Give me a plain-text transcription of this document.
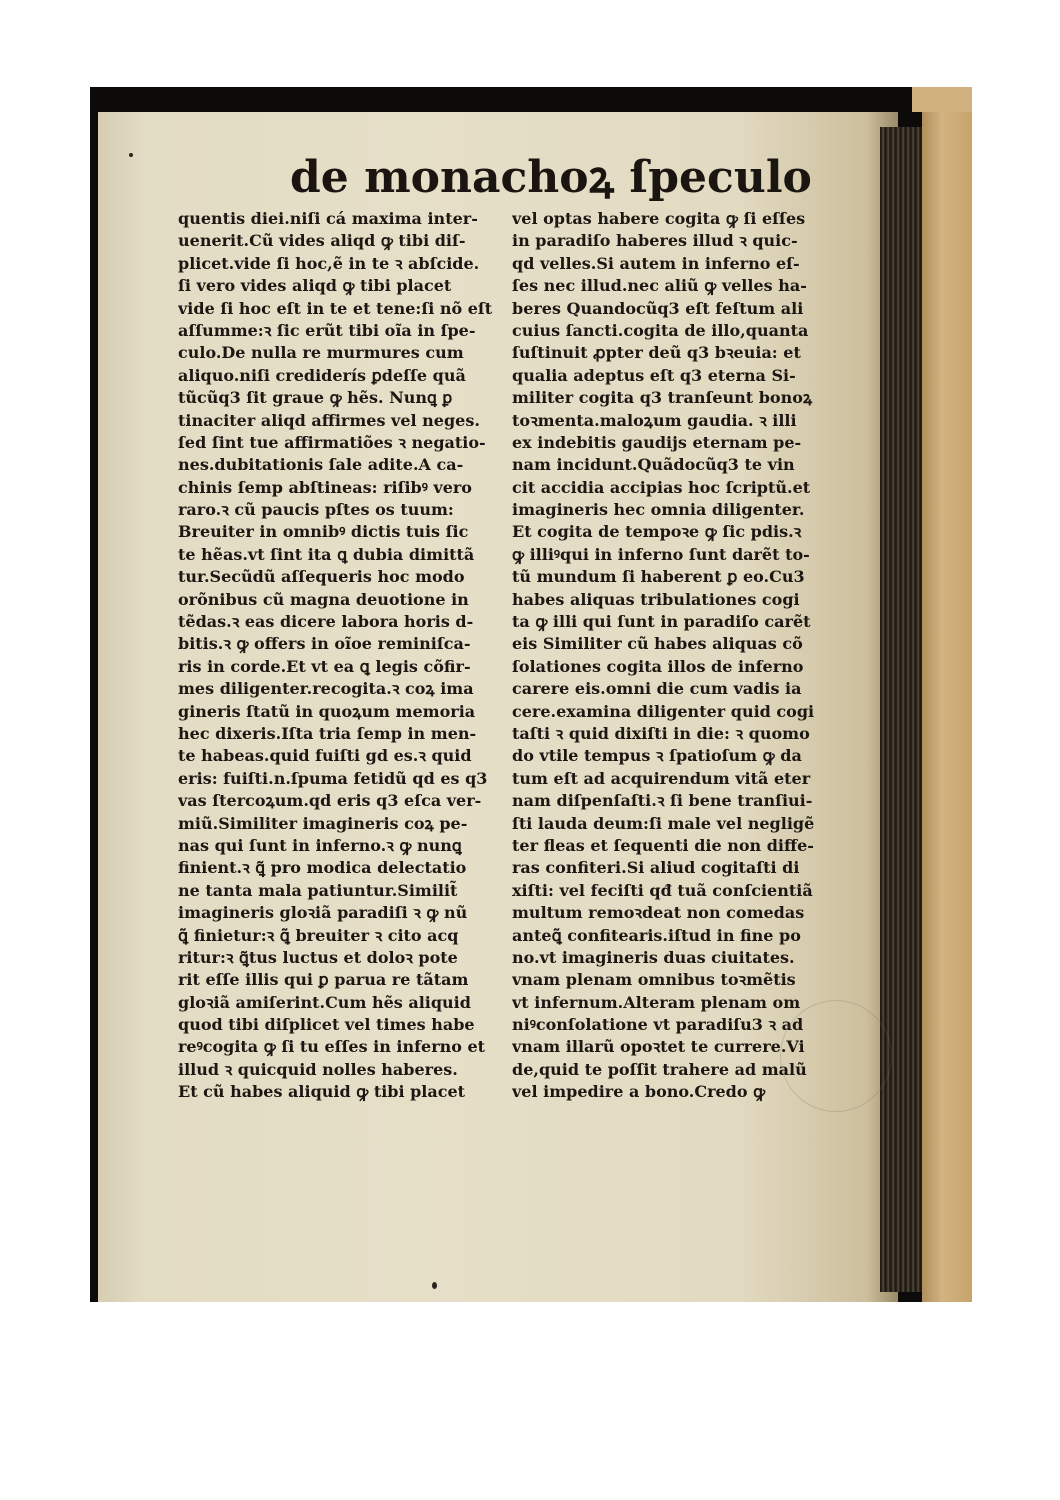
de monachoꝝ ſpeculo
quentis diei.niſi cá maxima inter-
uenerit.Cũ vides aliqd ꝙ tibi diſ-
plicet.vide ſi hoc,ẽ in te ꝛ abſcide.
ſi vero vides aliqd ꝙ tibi placet
vide ſi hoc eſt in te et tene:ſi nõ eſt
aſſumme:ꝛ ſic erũt tibi oĩa in ſpe-
culo.De nulla re murmures cum
aliquo.niſi crediderís ꝑdeſſe quã
tũcũq3 ſit graue ꝙ hẽs. Nunꝗ ꝑ
tinaciter aliqd affirmes vel neges.
ſed ſint tue affirmatiões ꝛ negatio-
nes.dubitationis ſale adite.A ca-
chinis ſemp abſtineas: riſibꝰ vero
raro.ꝛ cũ paucis pſtes os tuum:
Breuiter in omnibꝰ dictis tuis ſic
te hẽas.vt ſint ita ꝗ dubia dimittã
tur.Secũdũ aſſequeris hoc modo
orõnibus cũ magna deuotione in
tẽdas.ꝛ eas dicere labora horis d-
bitis.ꝛ ꝙ offers in oĩoe reminiſca-
ris in corde.Et vt ea ꝗ legis cõfir-
mes diligenter.recogita.ꝛ coꝝ ima
gineris ſtatũ in quoꝝum memoria
hec dixeris.Iſta tria ſemp in men-
te habeas.quid fuiſti gd es.ꝛ quid
eris: fuiſti.n.ſpuma fetidũ qd es q3
vas ſtercoꝝum.qd eris q3 eſca ver-
miũ.Similiter imagineris coꝝ pe-
nas qui ſunt in inferno.ꝛ ꝙ nunꝗ
finient.ꝛ ꝗ̃ pro modica delectatio
ne tanta mala patiuntur.Similit̃
imagineris gloꝛiã paradiſi ꝛ ꝙ nũ
ꝗ̃ finietur:ꝛ ꝗ̃ breuiter ꝛ cito acq
ritur:ꝛ ꝗ̃tus luctus et doloꝛ pote
rit eſſe illis qui ꝑ parua re tãtam
gloꝛiã amiſerint.Cum hẽs aliquid
quod tibi diſplicet vel times habe
reꝰcogita ꝙ ſi tu eſſes in inferno et
illud ꝛ quicquid nolles haberes.
Et cũ habes aliquid ꝙ tibi placet
vel optas habere cogita ꝙ ſi eſſes
in paradiſo haberes illud ꝛ quic-
qd velles.Si autem in inferno eſ-
ſes nec illud.nec aliũ ꝙ velles ha-
beres Quandocũq3 eſt feſtum ali
cuius ſancti.cogita de illo,quanta
ſuſtinuit ꝓpter deũ q3 bꝛeuia: et
qualia adeptus eſt q3 eterna Si-
militer cogita q3 tranſeunt bonoꝝ
toꝛmenta.maloꝝum gaudia. ꝛ illi
ex indebitis gaudijs eternam pe-
nam incidunt.Quãdocũq3 te vin
cit accidia accipias hoc ſcriptũ.et
imagineris hec omnia diligenter.
Et cogita de tempoꝛe ꝙ ſic pdis.ꝛ
ꝙ illiꝰqui in inferno ſunt darẽt to-
tũ mundum ſi haberent ꝑ eo.Cu3
habes aliquas tribulationes cogi
ta ꝙ illi qui ſunt in paradiſo carẽt
eis Similiter cũ habes aliquas cõ
ſolationes cogita illos de inferno
carere eis.omni die cum vadis ia
cere.examina diligenter quid cogi
taſti ꝛ quid dixiſti in die: ꝛ quomo
do vtile tempus ꝛ ſpatioſum ꝙ da
tum eſt ad acquirendum vitã eter
nam diſpenſaſti.ꝛ ſi bene tranſiui-
ſti lauda deum:ſi male vel negligẽ
ter fleas et ſequenti die non diffe-
ras confiteri.Si aliud cogitaſti di
xiſti: vel feciſti qđ tuã conſcientiã
multum remoꝛdeat non comedas
anteꝗ̃ confitearis.iſtud in fine po
no.vt imagineris duas ciuitates.
vnam plenam omnibus toꝛmẽtis
vt infernum.Alteram plenam om
niꝰconſolatione vt paradiſu3 ꝛ ad
vnam illarũ opoꝛtet te currere.Vi
de,quid te poſſit trahere ad malũ
vel impedire a bono.Credo ꝙ
